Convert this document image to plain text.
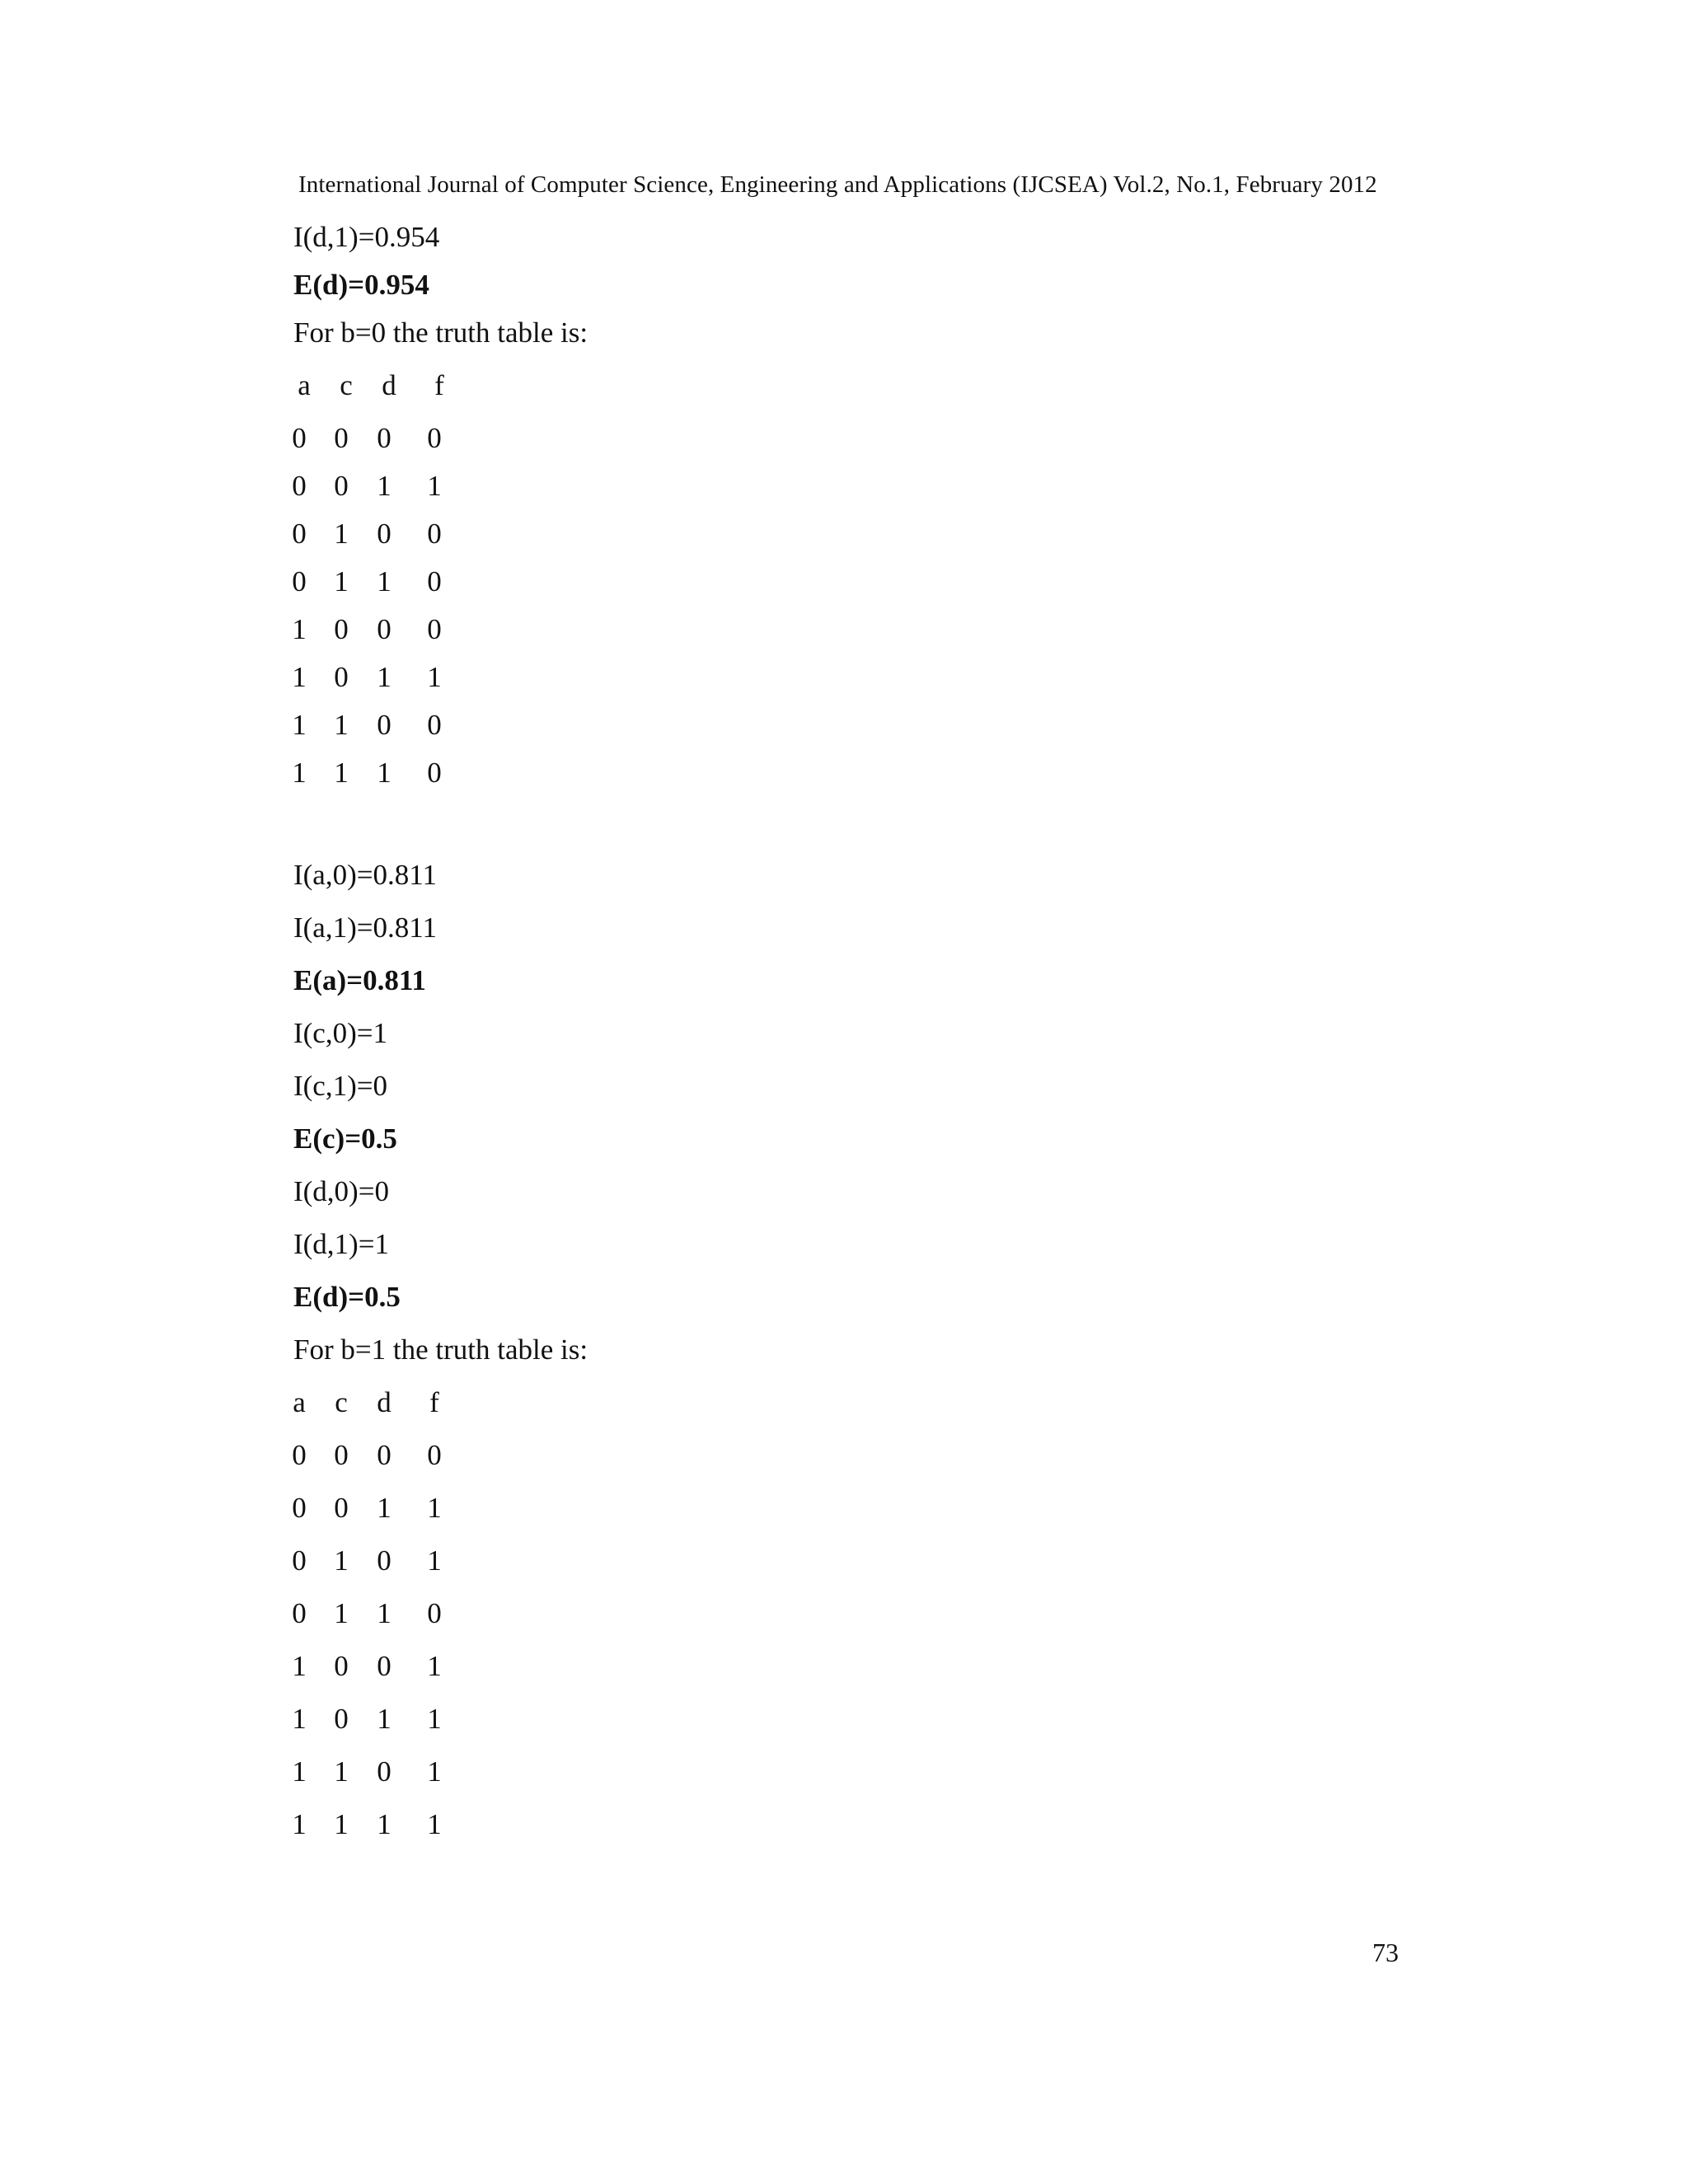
International Journal of Computer Science, Engineering and Applications (IJCSEA) Vol.2, No.1, February 2012
I(d,1)=0.954
E(d)=0.954
For b=0 the truth table is:
a c d f
0 0 0 0
0 0 1 1
0 1 0 0
0 1 1 0
1 0 0 0
1 0 1 1
1 1 0 0
1 1 1 0
I(a,0)=0.811
I(a,1)=0.811
E(a)=0.811
I(c,0)=1
I(c,1)=0
E(c)=0.5
I(d,0)=0
I(d,1)=1
E(d)=0.5
For b=1 the truth table is:
a c d f
0 0 0 0
0 0 1 1
0 1 0 1
0 1 1 0
1 0 0 1
1 0 1 1
1 1 0 1
1 1 1 1
73
